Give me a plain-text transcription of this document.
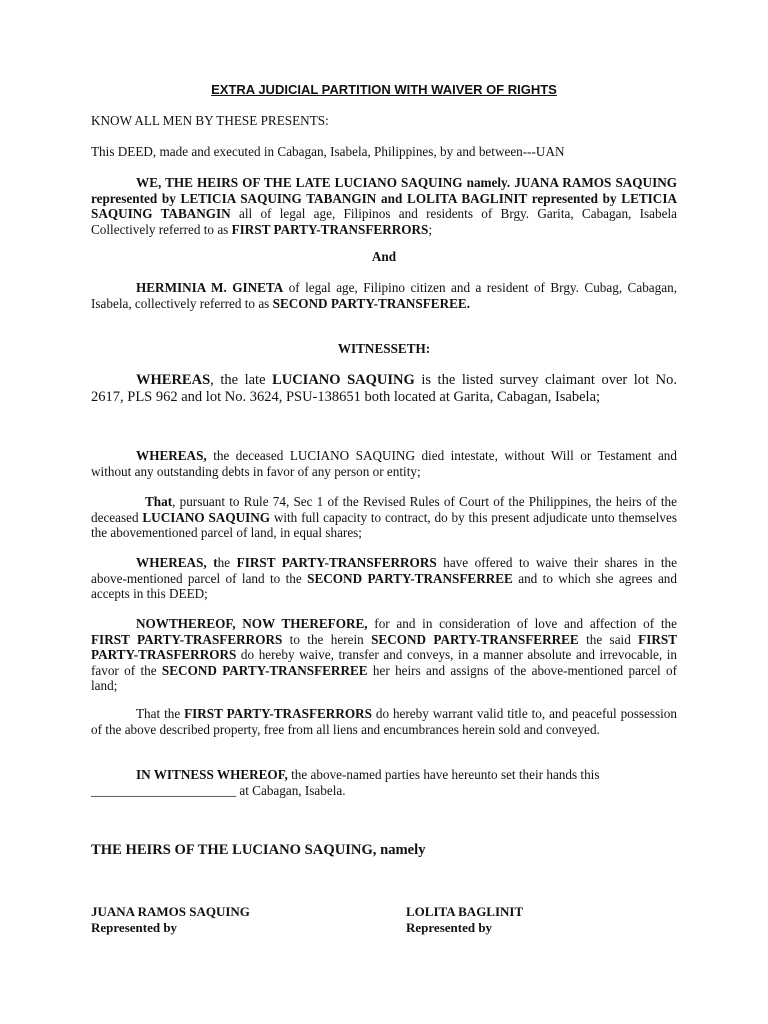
EXTRA JUDICIAL PARTITION WITH WAIVER OF RIGHTS

KNOW ALL MEN BY THESE PRESENTS:

This DEED, made and executed in Cabagan, Isabela, Philippines, by and between---UAN

WE, THE HEIRS OF THE LATE LUCIANO SAQUING namely. JUANA RAMOS SAQUING represented by LETICIA SAQUING TABANGIN and LOLITA BAGLINIT represented by LETICIA SAQUING TABANGIN all of legal age, Filipinos and residents of Brgy. Garita, Cabagan, Isabela Collectively referred to as FIRST PARTY-TRANSFERRORS;

And

HERMINIA M. GINETA of legal age, Filipino citizen and a resident of Brgy. Cubag, Cabagan, Isabela, collectively referred to as SECOND PARTY-TRANSFEREE.

WITNESSETH:

WHEREAS, the late LUCIANO SAQUING is the listed survey claimant over lot No. 2617, PLS 962 and lot No. 3624, PSU-138651 both located at Garita, Cabagan, Isabela;

WHEREAS, the deceased LUCIANO SAQUING died intestate, without Will or Testament and without any outstanding debts in favor of any person or entity;

That, pursuant to Rule 74, Sec 1 of the Revised Rules of Court of the Philippines, the heirs of the deceased LUCIANO SAQUING with full capacity to contract, do by this present adjudicate unto themselves the abovementioned parcel of land, in equal shares;

WHEREAS, the FIRST PARTY-TRANSFERRORS have offered to waive their shares in the above-mentioned parcel of land to the SECOND PARTY-TRANSFERREE and to which she agrees and accepts in this DEED;

NOWTHEREOF, NOW THEREFORE, for and in consideration of love and affection of the FIRST PARTY-TRASFERRORS to the herein SECOND PARTY-TRANSFERREE the said FIRST PARTY-TRASFERRORS do hereby waive, transfer and conveys, in a manner absolute and irrevocable, in favor of the SECOND PARTY-TRANSFERREE her heirs and assigns of the above-mentioned parcel of land;

That the FIRST PARTY-TRASFERRORS do hereby warrant valid title to, and peaceful possession of the above described property, free from all liens and encumbrances herein sold and conveyed.

IN WITNESS WHEREOF, the above-named parties have hereunto set their hands this
______________________ at Cabagan, Isabela.

THE HEIRS OF THE LUCIANO SAQUING, namely

JUANA RAMOS SAQUING
Represented by
LOLITA BAGLINIT
Represented by
